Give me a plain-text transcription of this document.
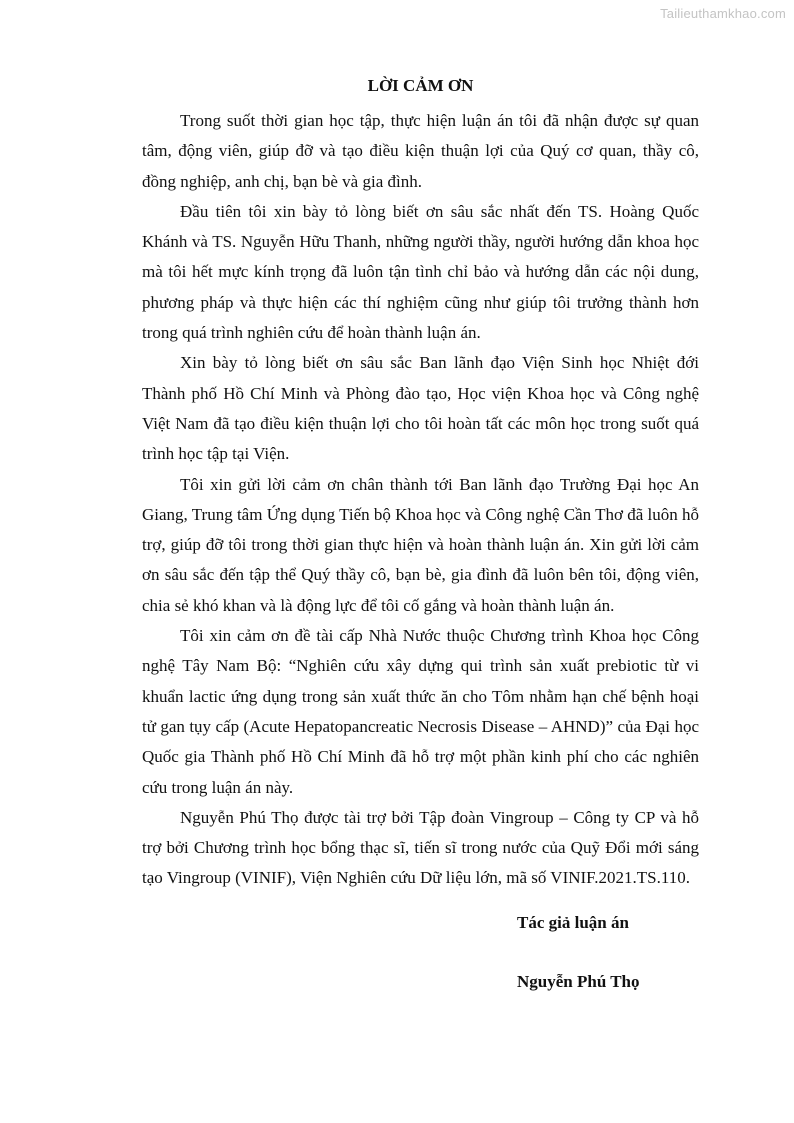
Tailieuthamkhao.com
LỜI CẢM ƠN

Trong suốt thời gian học tập, thực hiện luận án tôi đã nhận được sự quan tâm, động viên, giúp đỡ và tạo điều kiện thuận lợi của Quý cơ quan, thầy cô, đồng nghiệp, anh chị, bạn bè và gia đình.

Đầu tiên tôi xin bày tỏ lòng biết ơn sâu sắc nhất đến TS. Hoàng Quốc Khánh và TS. Nguyễn Hữu Thanh, những người thầy, người hướng dẫn khoa học mà tôi hết mực kính trọng đã luôn tận tình chỉ bảo và hướng dẫn các nội dung, phương pháp và thực hiện các thí nghiệm cũng như giúp tôi trưởng thành hơn trong quá trình nghiên cứu để hoàn thành luận án.

Xin bày tỏ lòng biết ơn sâu sắc Ban lãnh đạo Viện Sinh học Nhiệt đới Thành phố Hồ Chí Minh và Phòng đào tạo, Học viện Khoa học và Công nghệ Việt Nam đã tạo điều kiện thuận lợi cho tôi hoàn tất các môn học trong suốt quá trình học tập tại Viện.

Tôi xin gửi lời cảm ơn chân thành tới Ban lãnh đạo Trường Đại học An Giang, Trung tâm Ứng dụng Tiến bộ Khoa học và Công nghệ Cần Thơ đã luôn hỗ trợ, giúp đỡ tôi trong thời gian thực hiện và hoàn thành luận án. Xin gửi lời cảm ơn sâu sắc đến tập thể Quý thầy cô, bạn bè, gia đình đã luôn bên tôi, động viên, chia sẻ khó khan và là động lực để tôi cố gắng và hoàn thành luận án.

Tôi xin cảm ơn đề tài cấp Nhà Nước thuộc Chương trình Khoa học Công nghệ Tây Nam Bộ: “Nghiên cứu xây dựng qui trình sản xuất prebiotic từ vi khuẩn lactic ứng dụng trong sản xuất thức ăn cho Tôm nhằm hạn chế bệnh hoại tử gan tụy cấp (Acute Hepatopancreatic Necrosis Disease – AHND)” của Đại học Quốc gia Thành phố Hồ Chí Minh đã hỗ trợ một phần kinh phí cho các nghiên cứu trong luận án này.

Nguyễn Phú Thọ được tài trợ bởi Tập đoàn Vingroup – Công ty CP và hỗ trợ bởi Chương trình học bổng thạc sĩ, tiến sĩ trong nước của Quỹ Đổi mới sáng tạo Vingroup (VINIF), Viện Nghiên cứu Dữ liệu lớn, mã số VINIF.2021.TS.110.

Tác giả luận án
Nguyễn Phú Thọ
